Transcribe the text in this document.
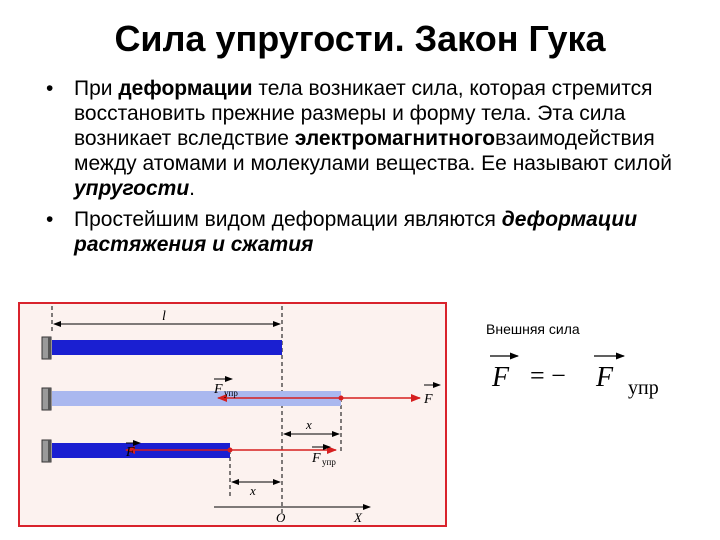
Сила упругости. Закон Гука
• При деформации тела возникает сила, которая стремится восстановить прежние размеры и форму тела. Эта сила возникает вследствие электромагнитноговзаимодействия между атомами и молекулами вещества. Ее называют силой упругости.
• Простейшим видом деформации являются деформации растяжения и сжатия
l
F упр	F
x
F	F упр
x
O	X
Внешняя сила
F = − F упр
